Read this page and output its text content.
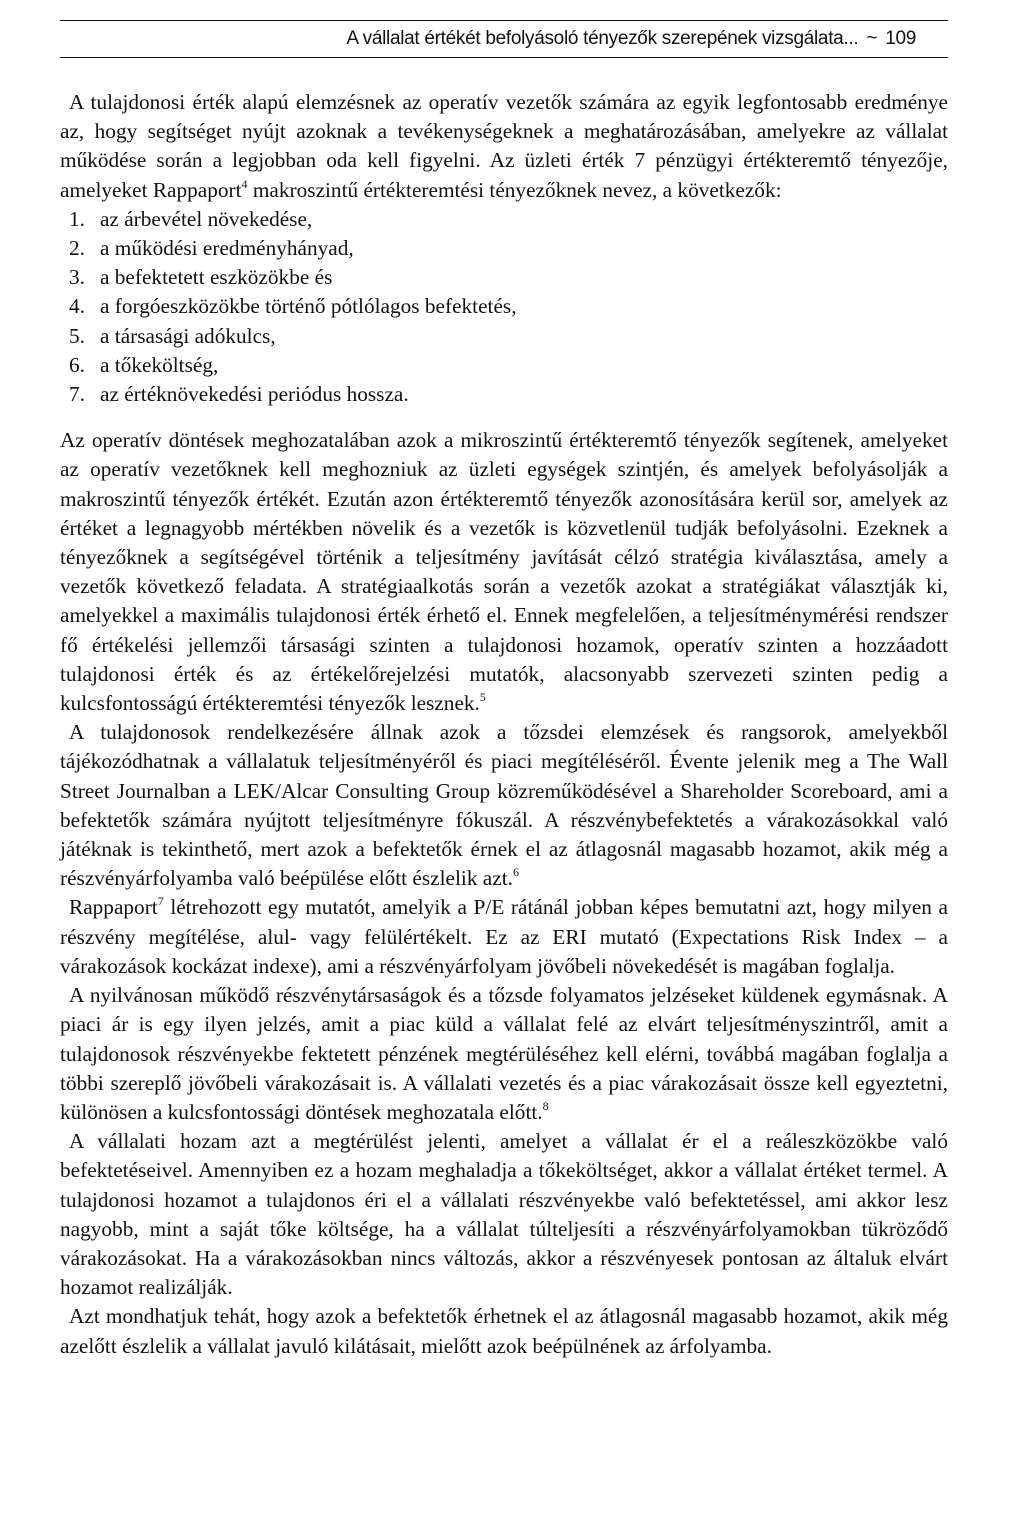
A vállalat értékét befolyásoló tényezők szerepének vizsgálata... ~ 109

A tulajdonosi érték alapú elemzésnek az operatív vezetők számára az egyik legfontosabb eredménye az, hogy segítséget nyújt azoknak a tevékenységeknek a meghatározásában, amelyekre az vállalat működése során a legjobban oda kell figyelni. Az üzleti érték 7 pénzügyi értékteremtő tényezője, amelyeket Rappaport$^4$ makroszintű értékteremtési tényezőknek nevez, a következők:

1. az árbevétel növekedése,
2. a működési eredményhányad,
3. a befektetett eszközökbe és
4. a forgóeszközökbe történő pótlólagos befektetés,
5. a társasági adókulcs,
6. a tőkeköltség,
7. az értéknövekedési periódus hossza.

Az operatív döntések meghozatalában azok a mikroszintű értékteremtő tényezők segítenek, amelyeket az operatív vezetőknek kell meghozniuk az üzleti egységek szintjén, és amelyek befolyásolják a makroszintű tényezők értékét. Ezután azon értékteremtő tényezők azonosítására kerül sor, amelyek az értéket a legnagyobb mértékben növelik és a vezetők is közvetlenül tudják befolyásolni. Ezeknek a tényezőknek a segítségével történik a teljesítmény javítását célzó stratégia kiválasztása, amely a vezetők következő feladata. A stratégiaalkotás során a vezetők azokat a stratégiákat választják ki, amelyekkel a maximális tulajdonosi érték érhető el. Ennek megfelelően, a teljesítménymérési rendszer fő értékelési jellemzői társasági szinten a tulajdonosi hozamok, operatív szinten a hozzáadott tulajdonosi érték és az értékelőrejelzési mutatók, alacsonyabb szervezeti szinten pedig a kulcsfontosságú értékteremtési tényezők lesznek.$^5$

A tulajdonosok rendelkezésére állnak azok a tőzsdei elemzések és rangsorok, amelyekből tájékozódhatnak a vállalatuk teljesítményéről és piaci megítéléséről. Évente jelenik meg a The Wall Street Journalban a LEK/Alcar Consulting Group közreműködésével a Shareholder Scoreboard, ami a befektetők számára nyújtott teljesítményre fókuszál. A részvénybefektetés a várakozásokkal való játéknak is tekinthető, mert azok a befektetők érnek el az átlagosnál magasabb hozamot, akik még a részvényárfolyamba való beépülése előtt észlelik azt.$^6$

Rappaport$^7$ létrehozott egy mutatót, amelyik a P/E rátánál jobban képes bemutatni azt, hogy milyen a részvény megítélése, alul- vagy felülértékelt. Ez az ERI mutató (Expectations Risk Index – a várakozások kockázat indexe), ami a részvényárfolyam jövőbeli növekedését is magában foglalja.

A nyilvánosan működő részvénytársaságok és a tőzsde folyamatos jelzéseket küldenek egymásnak. A piaci ár is egy ilyen jelzés, amit a piac küld a vállalat felé az elvárt teljesítményszintről, amit a tulajdonosok részvényekbe fektetett pénzének megtérüléséhez kell elérni, továbbá magában foglalja a többi szereplő jövőbeli várakozásait is. A vállalati vezetés és a piac várakozásait össze kell egyeztetni, különösen a kulcsfontossági döntések meghozatala előtt.$^8$

A vállalati hozam azt a megtérülést jelenti, amelyet a vállalat ér el a reáleszközökbe való befektetéseivel. Amennyiben ez a hozam meghaladja a tőkeköltséget, akkor a vállalat értéket termel. A tulajdonosi hozamot a tulajdonos éri el a vállalati részvényekbe való befektetéssel, ami akkor lesz nagyobb, mint a saját tőke költsége, ha a vállalat túlteljesíti a részvényárfolyamokban tükröződő várakozásokat. Ha a várakozásokban nincs változás, akkor a részvényesek pontosan az általuk elvárt hozamot realizálják.

Azt mondhatjuk tehát, hogy azok a befektetők érhetnek el az átlagosnál magasabb hozamot, akik még azelőtt észlelik a vállalat javuló kilátásait, mielőtt azok beépülnének az árfolyamba.
